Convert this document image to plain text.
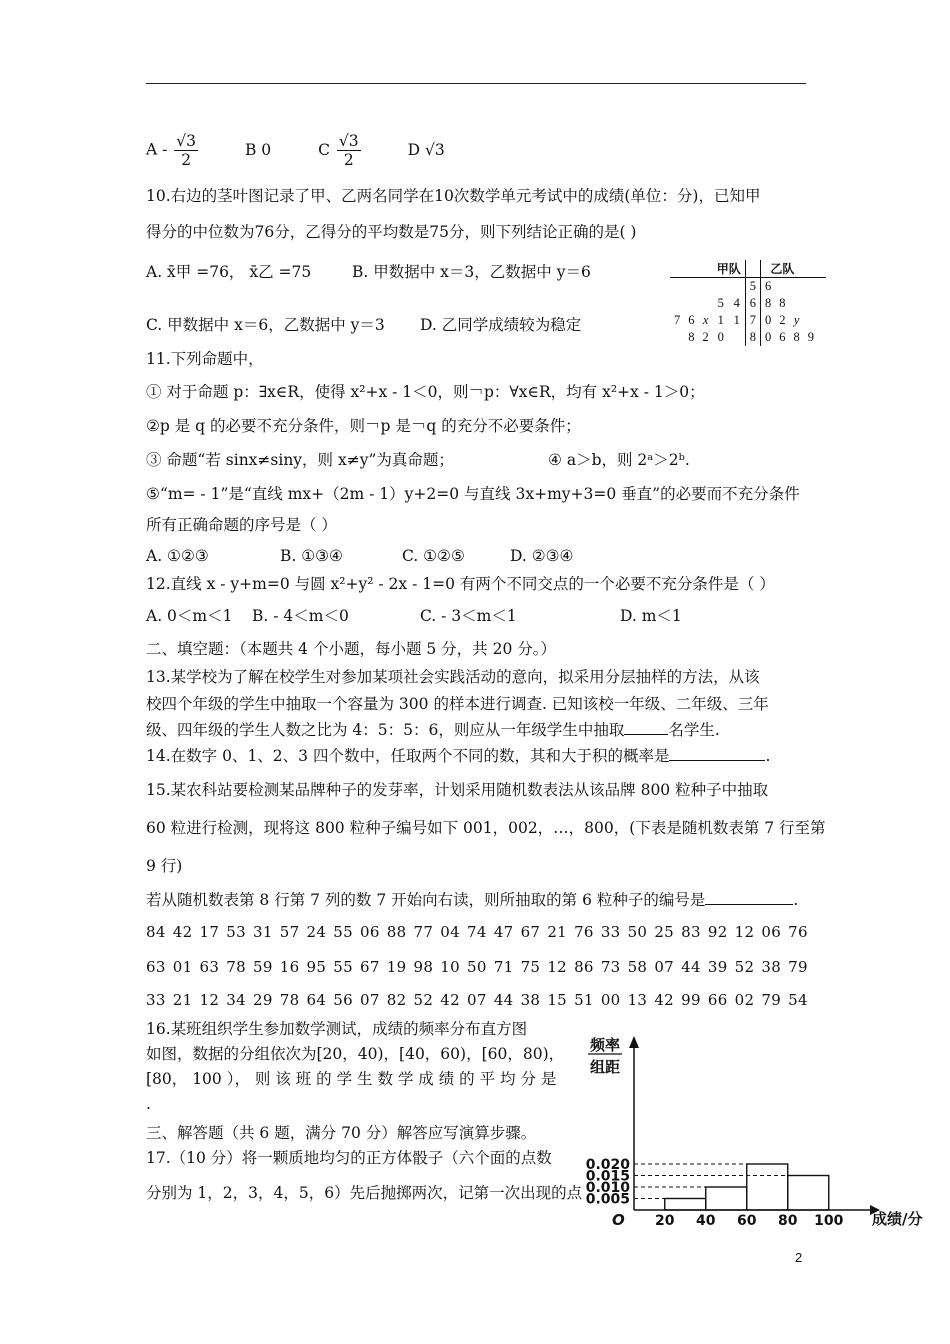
A - $\frac{√3}{2}$	B 0	C $\frac{√3}{2}$	D √3
10.右边的茎叶图记录了甲、乙两名同学在10次数学单元考试中的成绩(单位：分)，已知甲
得分的中位数为76分，乙得分的平均数是75分，则下列结论正确的是( )
A. x̄甲 =76， x̄乙 =75	B. 甲数据中 x＝3，乙数据中 y＝6
C. 甲数据中 x＝6，乙数据中 y＝3 D. 乙同学成绩较为稳定
			甲队			乙队				
					5	6				
			5	4	6	8	8			
7	6	x	1	1	7	0	2	y		
	8	2	0		8	0	6	8	9	
11.下列命题中，
① 对于命题 p：∃x∈R，使得 x²+x - 1＜0，则￢p：∀x∈R，均有 x²+x - 1＞0；
②p 是 q 的必要不充分条件，则￢p 是￢q 的充分不必要条件；
③ 命题“若 sinx≠siny，则 x≠y”为真命题；	④ a＞b，则 2ᵃ＞2ᵇ.
⑤“m= - 1”是“直线 mx+（2m - 1）y+2=0 与直线 3x+my+3=0 垂直”的必要而不充分条件
所有正确命题的序号是（ ）
A. ①②③	B. ①③④	C. ①②⑤	D. ②③④
12.直线 x - y+m=0 与圆 x²+y² - 2x - 1=0 有两个不同交点的一个必要不充分条件是（ ）
A. 0＜m＜1 B. - 4＜m＜0	C. - 3＜m＜1	D. m＜1
二、填空题：（本题共 4 个小题，每小题 5 分，共 20 分。）
13.某学校为了解在校学生对参加某项社会实践活动的意向，拟采用分层抽样的方法，从该
校四个年级的学生中抽取一个容量为 300 的样本进行调查. 已知该校一年级、二年级、三年
级、四年级的学生人数之比为 4：5：5：6，则应从一年级学生中抽取	名学生.
14.在数字 0、1、2、3 四个数中，任取两个不同的数，其和大于积的概率是	.
15.某农科站要检测某品牌种子的发芽率，计划采用随机数表法从该品牌 800 粒种子中抽取
60 粒进行检测，现将这 800 粒种子编号如下 001，002，…，800，(下表是随机数表第 7 行至第
9 行)
若从随机数表第 8 行第 7 列的数 7 开始向右读，则所抽取的第 6 粒种子的编号是	.
84 42 17 53 31 57 24 55 06 88 77 04 74 47 67 21 76 33 50 25 83 92 12 06 76
63 01 63 78 59 16 95 55 67 19 98 10 50 71 75 12 86 73 58 07 44 39 52 38 79
33 21 12 34 29 78 64 56 07 82 52 42 07 44 38 15 51 00 13 42 99 66 02 79 54
16.某班组织学生参加数学测试，成绩的频率分布直方图
如图，数据的分组依次为[20，40)，[40，60)，[60，80)，
[80， 100 ）， 则 该 班 的 学 生 数 学 成 绩 的 平 均 分 是
.
三、解答题（共 6 题，满分 70 分）解答应写演算步骤。
17.（10 分）将一颗质地均匀的正方体骰子（六个面的点数
分别为 1，2，3，4，5，6）先后抛掷两次，记第一次出现的点 0.005
0.010
0.015
0.020
20 40 60 80 100
频率
组距
O	成绩/分
2
